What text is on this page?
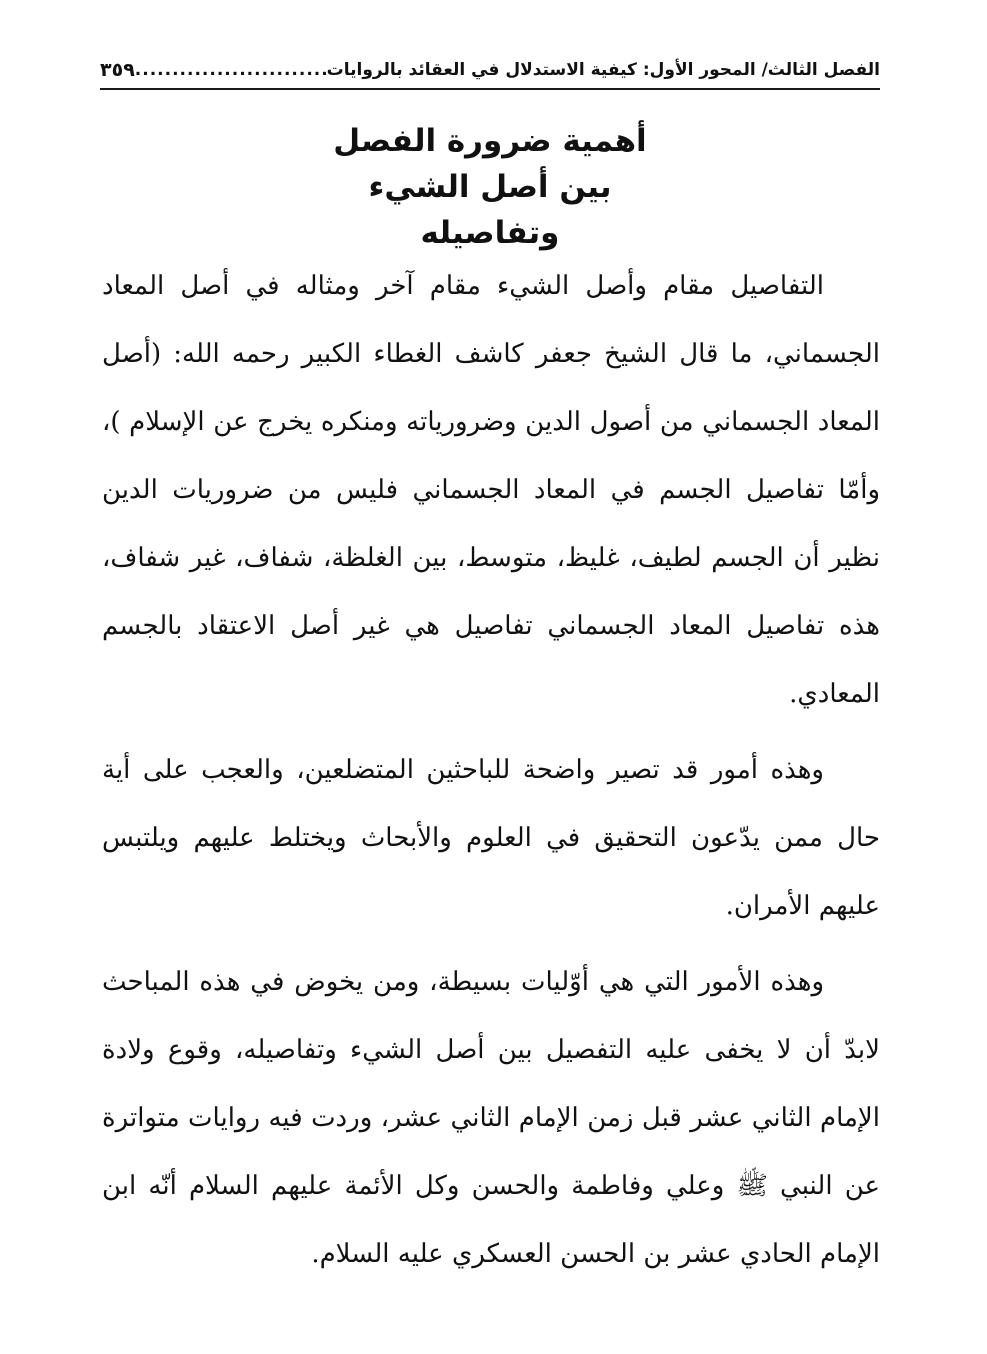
الفصل الثالث/ المحور الأول: كيفية الاستدلال في العقائد بالروايات
.....
٣٥٩
أهمية ضرورة الفصل
بين أصل الشيء
وتفاصيله

التفاصيل مقام وأصل الشيء مقام آخر ومثاله في أصل المعاد الجسماني، ما قال الشيخ جعفر كاشف الغطاء الكبير رحمه الله: (أصل المعاد الجسماني من أصول الدين وضرورياته ومنكره يخرج عن الإسلام )، وأمّا تفاصيل الجسم في المعاد الجسماني فليس من ضروريات الدين نظير أن الجسم لطيف، غليظ، متوسط، بين الغلظة، شفاف، غير شفاف، هذه تفاصيل المعاد الجسماني تفاصيل هي غير أصل الاعتقاد بالجسم المعادي.

وهذه أمور قد تصير واضحة للباحثين المتضلعين، والعجب على أية حال ممن يدّعون التحقيق في العلوم والأبحاث ويختلط عليهم ويلتبس عليهم الأمران.

وهذه الأمور التي هي أوّليات بسيطة، ومن يخوض في هذه المباحث لابدّ أن لا يخفى عليه التفصيل بين أصل الشيء وتفاصيله، وقوع ولادة الإمام الثاني عشر قبل زمن الإمام الثاني عشر، وردت فيه روايات متواترة عن النبي ﷺ وعلي وفاطمة والحسن وكل الأئمة عليهم السلام أنّه ابن الإمام الحادي عشر بن الحسن العسكري عليه السلام.
